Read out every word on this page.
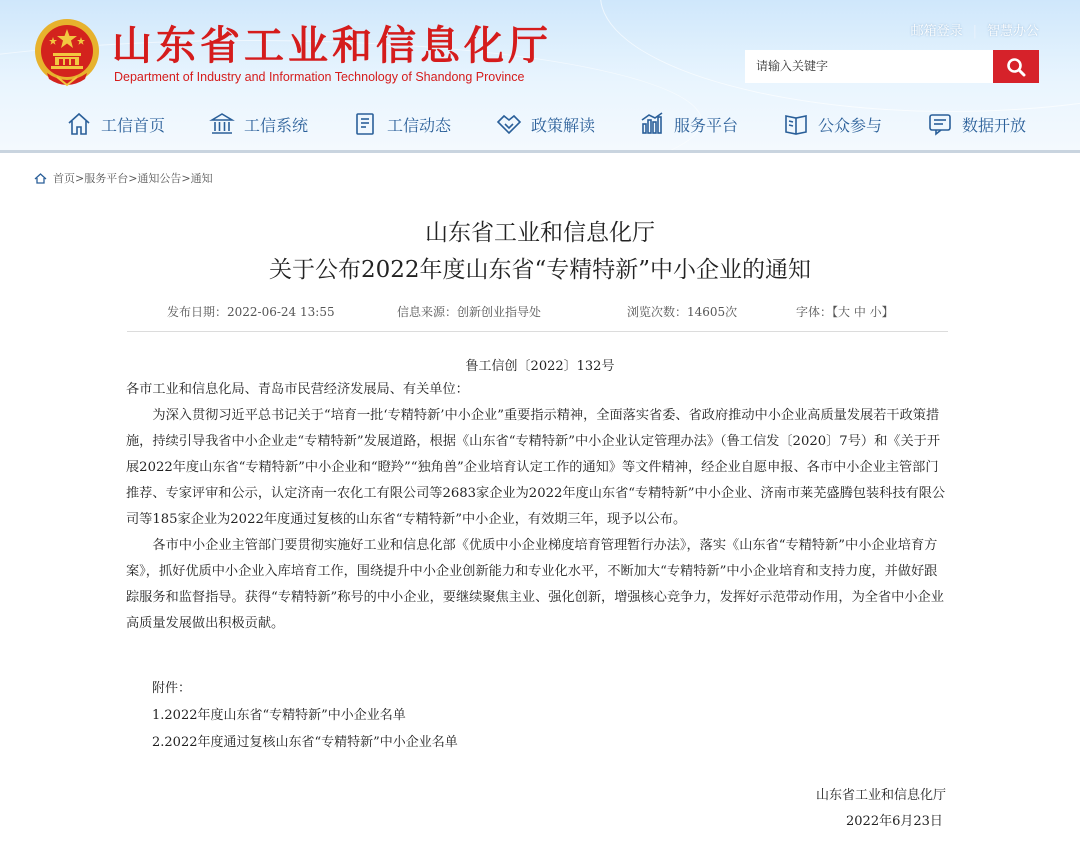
山东省工业和信息化厅
Department of Industry and Information Technology of Shandong Province
邮箱登录 | 智慧办公
请输入关键字
工信首页	工信系统	工信动态	政策解读	服务平台	公众参与	数据开放
首页>服务平台>通知公告>通知
山东省工业和信息化厅
关于公布2022年度山东省“专精特新”中小企业的通知
发布日期：2022-06-24 13:55	信息来源：创新创业指导处	浏览次数：14605次	字体：【大 中 小】
鲁工信创〔2022〕132号

各市工业和信息化局、青岛市民营经济发展局、有关单位：

为深入贯彻习近平总书记关于“培育一批‘专精特新’中小企业”重要指示精神，全面落实省委、省政府推动中小企业高质量发展若干政策措施，持续引导我省中小企业走“专精特新”发展道路，根据《山东省“专精特新”中小企业认定管理办法》（鲁工信发〔2020〕7号）和《关于开展2022年度山东省“专精特新”中小企业和“瞪羚”“独角兽”企业培育认定工作的通知》等文件精神，经企业自愿申报、各市中小企业主管部门推荐、专家评审和公示，认定济南一农化工有限公司等2683家企业为2022年度山东省“专精特新”中小企业、济南市莱芜盛腾包装科技有限公司等185家企业为2022年度通过复核的山东省“专精特新”中小企业，有效期三年，现予以公布。

各市中小企业主管部门要贯彻实施好工业和信息化部《优质中小企业梯度培育管理暂行办法》，落实《山东省“专精特新”中小企业培育方案》，抓好优质中小企业入库培育工作，围绕提升中小企业创新能力和专业化水平，不断加大“专精特新”中小企业培育和支持力度，并做好跟踪服务和监督指导。获得“专精特新”称号的中小企业，要继续聚焦主业、强化创新，增强核心竞争力，发挥好示范带动作用，为全省中小企业高质量发展做出积极贡献。

附件：
1.2022年度山东省“专精特新”中小企业名单
2.2022年度通过复核山东省“专精特新”中小企业名单
山东省工业和信息化厅
2022年6月23日
